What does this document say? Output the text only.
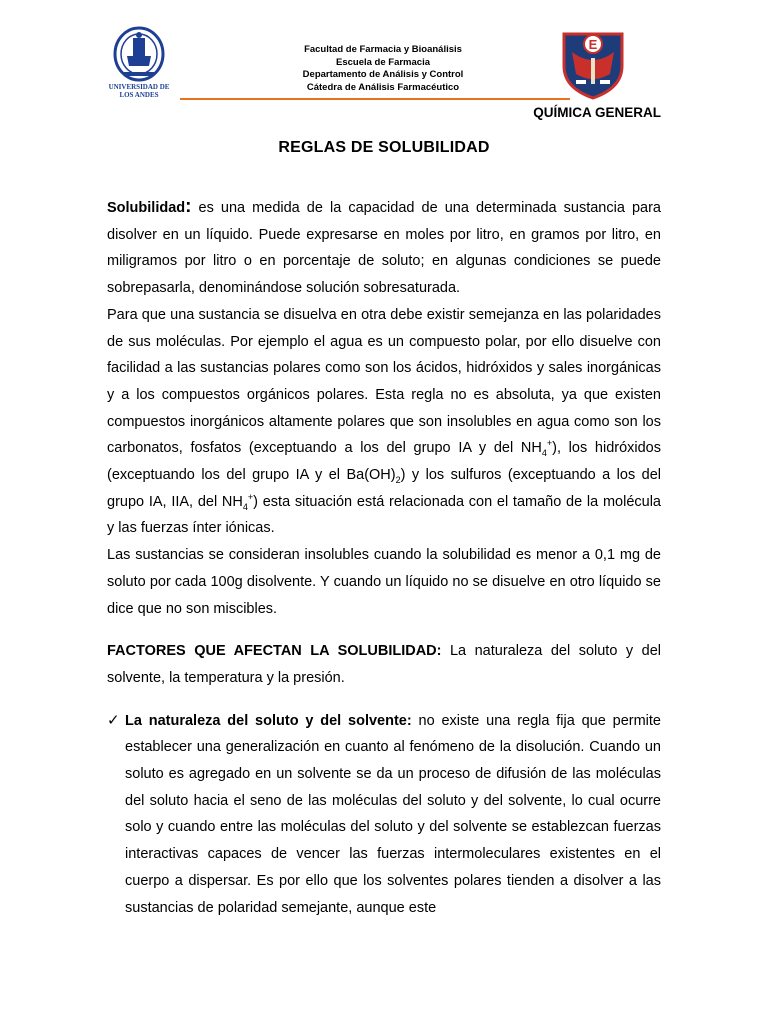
UNIVERSIDAD DE LOS ANDES
Facultad de Farmacia y Bioanálisis
Escuela de Farmacia
Departamento de Análisis y Control
Cátedra de Análisis Farmacéutico
E
QUÍMICA GENERAL
REGLAS DE SOLUBILIDAD

Solubilidad: es una medida de la capacidad de una determinada sustancia para disolver en un líquido. Puede expresarse en moles por litro, en gramos por litro, en miligramos por litro o en porcentaje de soluto; en algunas condiciones se puede sobrepasarla, denominándose solución sobresaturada.

Para que una sustancia se disuelva en otra debe existir semejanza en las polaridades de sus moléculas. Por ejemplo el agua es un compuesto polar, por ello disuelve con facilidad a las sustancias polares como son los ácidos, hidróxidos y sales inorgánicas y a los compuestos orgánicos polares. Esta regla no es absoluta, ya que existen compuestos inorgánicos altamente polares que son insolubles en agua como son los carbonatos, fosfatos (exceptuando a los del grupo IA y del $NH_4^+$), los hidróxidos (exceptuando los del grupo IA y el $Ba(OH)_2$) y los sulfuros (exceptuando a los del grupo IA, IIA, del $NH_4^+$) esta situación está relacionada con el tamaño de la molécula y las fuerzas ínter iónicas.

Las sustancias se consideran insolubles cuando la solubilidad es menor a 0,1 mg de soluto por cada 100g disolvente. Y cuando un líquido no se disuelve en otro líquido se dice que no son miscibles.

FACTORES QUE AFECTAN LA SOLUBILIDAD: La naturaleza del soluto y del solvente, la temperatura y la presión.

✓ La naturaleza del soluto y del solvente: no existe una regla fija que permite establecer una generalización en cuanto al fenómeno de la disolución. Cuando un soluto es agregado en un solvente se da un proceso de difusión de las moléculas del soluto hacia el seno de las moléculas del soluto y del solvente, lo cual ocurre solo y cuando entre las moléculas del soluto y del solvente se establezcan fuerzas interactivas capaces de vencer las fuerzas intermoleculares existentes en el cuerpo a dispersar. Es por ello que los solventes polares tienden a disolver a las sustancias de polaridad semejante, aunque este
